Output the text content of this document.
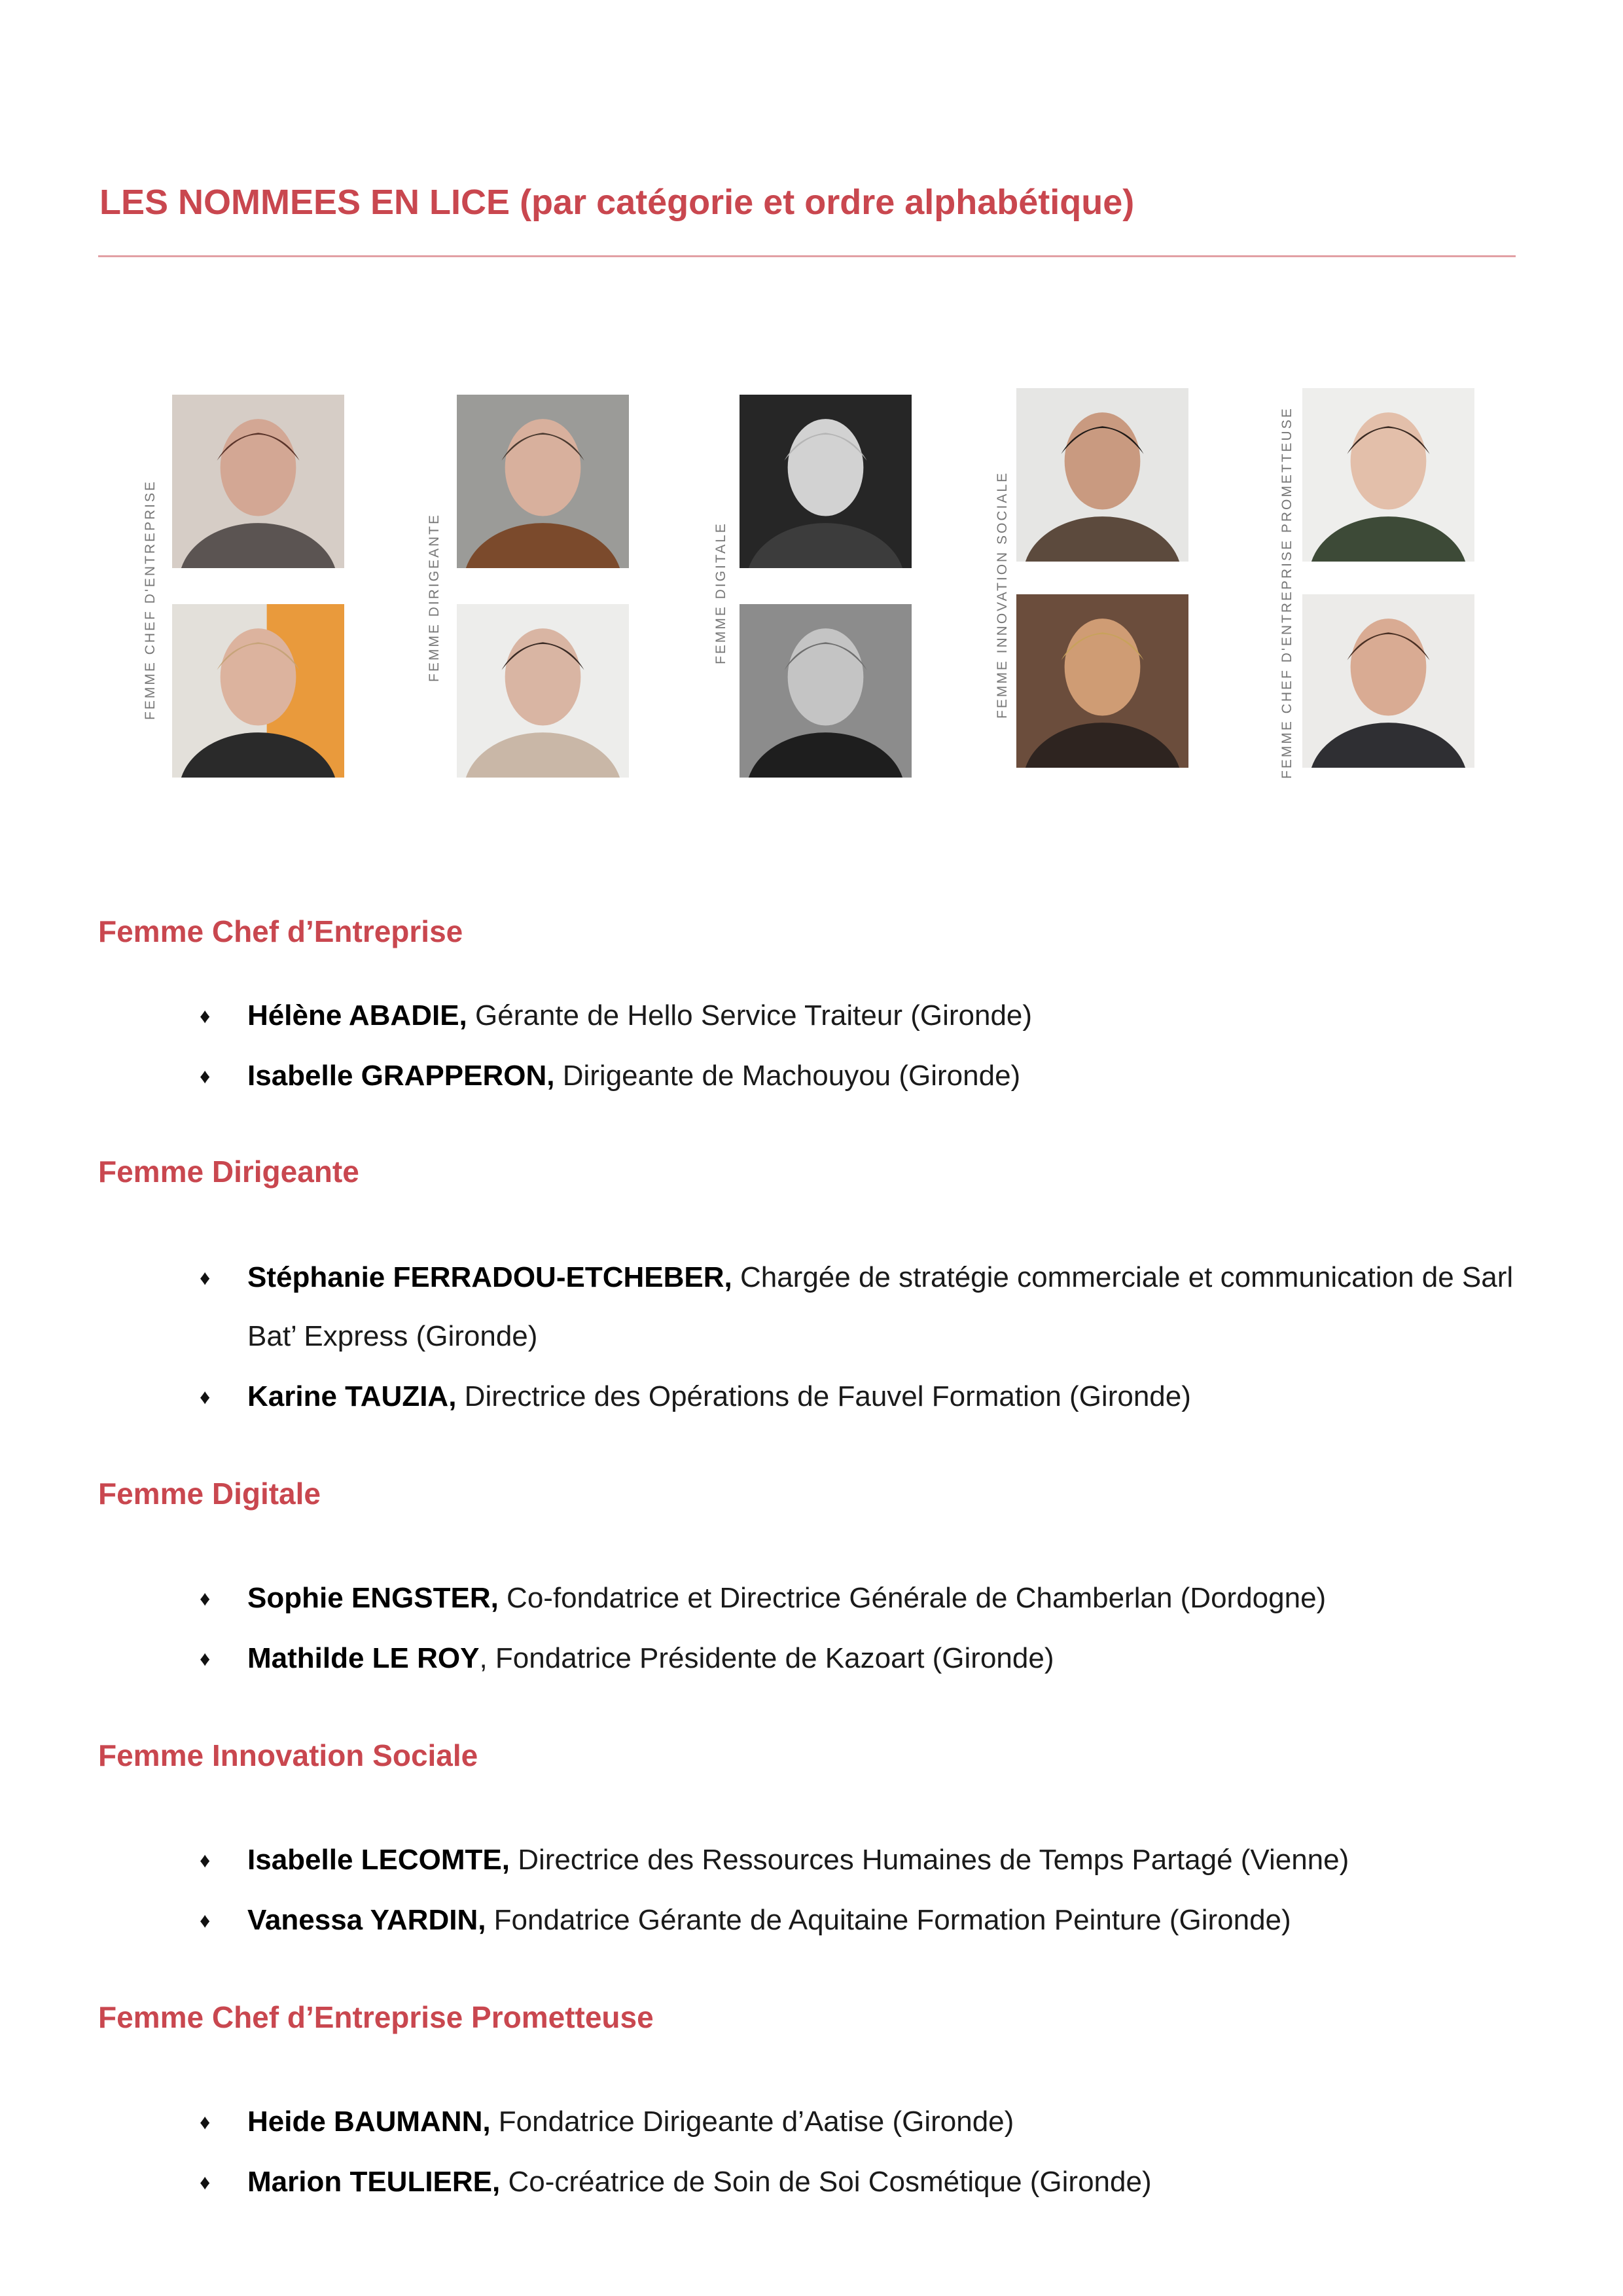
LES NOMMEES EN LICE (par catégorie et ordre alphabétique)
FEMME CHEF D'ENTREPRISE	FEMME DIRIGEANTE	FEMME DIGITALE	FEMME INNOVATION SOCIALE	FEMME CHEF D'ENTREPRISE PROMETTEUSE
Femme Chef d’Entreprise
♦ Hélène ABADIE, Gérante de Hello Service Traiteur (Gironde)
♦ Isabelle GRAPPERON, Dirigeante de Machouyou (Gironde)
Femme Dirigeante
♦ Stéphanie FERRADOU-ETCHEBER, Chargée de stratégie commerciale et communication de Sarl Bat’ Express (Gironde)
♦ Karine TAUZIA, Directrice des Opérations de Fauvel Formation (Gironde)
Femme Digitale
♦ Sophie ENGSTER, Co-fondatrice et Directrice Générale de Chamberlan (Dordogne)
♦ Mathilde LE ROY, Fondatrice Présidente de Kazoart (Gironde)
Femme Innovation Sociale
♦ Isabelle LECOMTE, Directrice des Ressources Humaines de Temps Partagé (Vienne)
♦ Vanessa YARDIN, Fondatrice Gérante de Aquitaine Formation Peinture (Gironde)
Femme Chef d’Entreprise Prometteuse
♦ Heide BAUMANN, Fondatrice Dirigeante d’Aatise (Gironde)
♦ Marion TEULIERE, Co-créatrice de Soin de Soi Cosmétique (Gironde)
